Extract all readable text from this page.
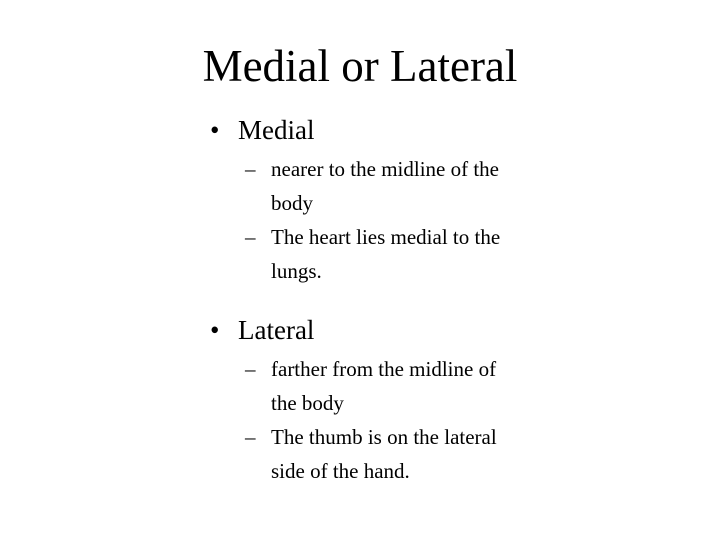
Medial or Lateral
• Medial
– nearer to the midline of the body
– The heart lies medial to the lungs.
• Lateral
– farther from the midline of the body
– The thumb is on the lateral side of the hand.
